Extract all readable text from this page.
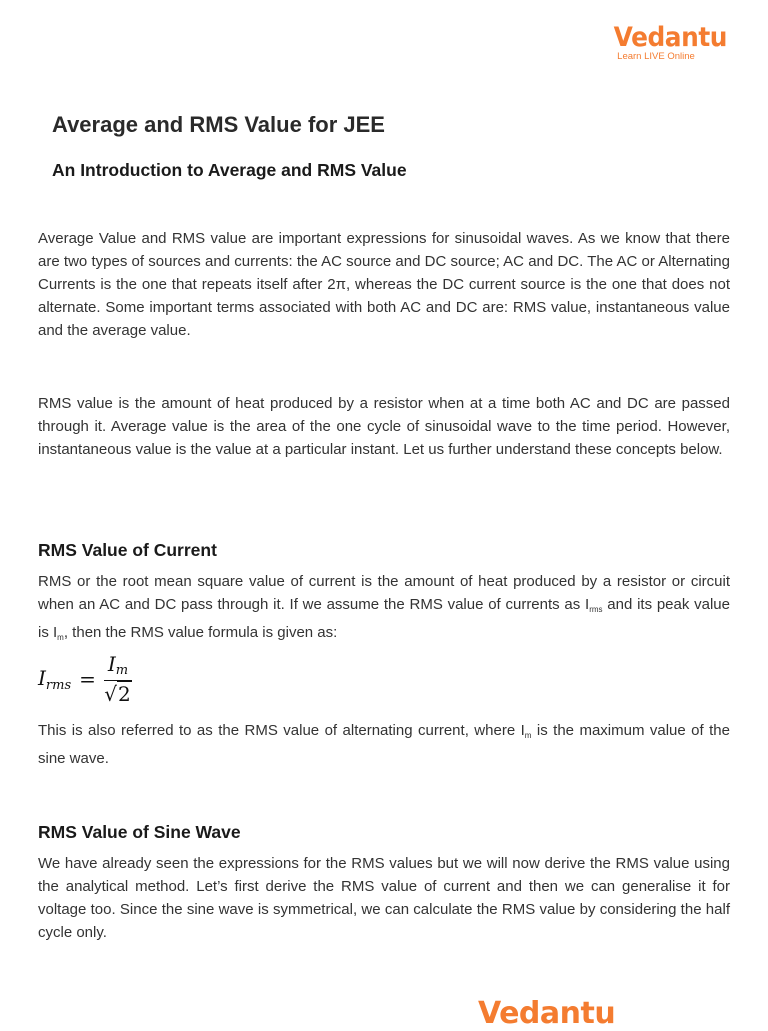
Vedantu
Learn LIVE Online
Average and RMS Value for JEE
An Introduction to Average and RMS Value

Average Value and RMS value are important expressions for sinusoidal waves. As we know that there are two types of sources and currents: the AC source and DC source; AC and DC. The AC or Alternating Currents is the one that repeats itself after 2π, whereas the DC current source is the one that does not alternate. Some important terms associated with both AC and DC are: RMS value, instantaneous value and the average value.

RMS value is the amount of heat produced by a resistor when at a time both AC and DC are passed through it. Average value is the area of the one cycle of sinusoidal wave to the time period. However, instantaneous value is the value at a particular instant. Let us further understand these concepts below.

RMS Value of Current

RMS or the root mean square value of current is the amount of heat produced by a resistor or circuit when an AC and DC pass through it. If we assume the RMS value of currents as $I_{rms}$ and its peak value is $I_m$, then the RMS value formula is given as:

$I_{rms} = \frac{Im}{√2}$

This is also referred to as the RMS value of alternating current, where $I_m$ is the maximum value of the sine wave.

RMS Value of Sine Wave

We have already seen the expressions for the RMS values but we will now derive the RMS value using the analytical method. Let’s first derive the RMS value of current and then we can generalise it for voltage too. Since the sine wave is symmetrical, we can calculate the RMS value by considering the half cycle only.

Vedantu
